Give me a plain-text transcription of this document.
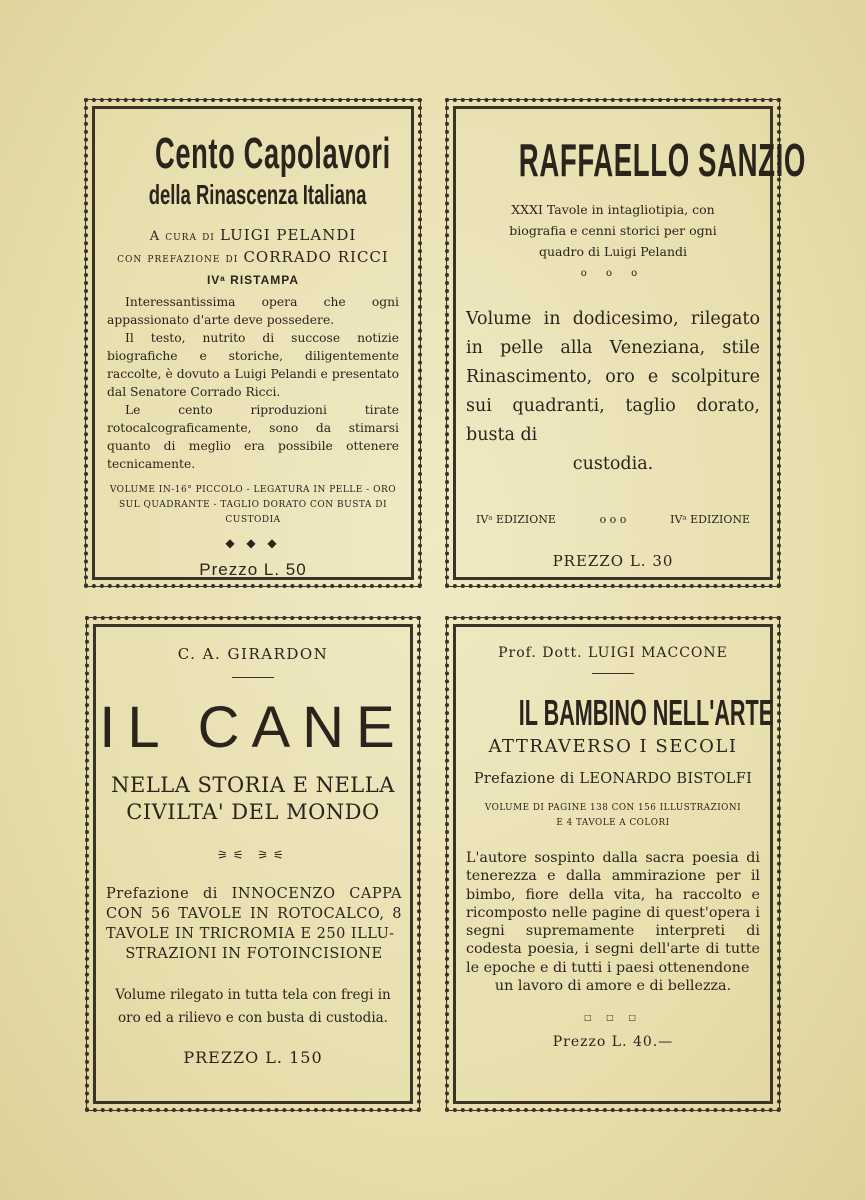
Cento Capolavori
della Rinascenza Italiana
A cura di LUIGI PELANDI
con prefazione di CORRADO RICCI
IVᵃ RISTAMPA

Interessantissima opera che ogni appassionato d'arte deve possedere.

Il testo, nutrito di succose notizie biografiche e storiche, diligentemente raccolte, è dovuto a Luigi Pelandi e presentato dal Senatore Corrado Ricci.

Le cento riproduzioni tirate rotocalcograficamente, sono da stimarsi quanto di meglio era possibile ottenere tecnicamente.

VOLUME IN-16° PICCOLO - LEGATURA IN PELLE - ORO SUL QUADRANTE - TAGLIO DORATO CON BUSTA DI CUSTODIA
◆ ◆ ◆
Prezzo L. 50
RAFFAELLO SANZIO
XXXI Tavole in intagliotipia, con biografia e cenni storici per ogni quadro di Luigi Pelandi
o o o
Volume in dodicesimo, rilegato in pelle alla Veneziana, stile Rinascimento, oro e scolpiture sui quadranti, taglio dorato, busta di
custodia.
IVᵃ EDIZIONE	o o o	IVᵃ EDIZIONE
PREZZO L. 30
C. A. GIRARDON
IL CANE
NELLA STORIA E NELLA
CIVILTA' DEL MONDO
⚞⚟ ⚞⚟
Prefazione di INNOCENZO CAPPA CON 56 TAVOLE IN ROTOCALCO, 8 TAVOLE IN TRICROMIA E 250 ILLU-
STRAZIONI IN FOTOINCISIONE
Volume rilegato in tutta tela con fregi in oro ed a rilievo e con busta di custodia.
PREZZO L. 150
Prof. Dott. LUIGI MACCONE
IL BAMBINO NELL'ARTE
ATTRAVERSO I SECOLI
Prefazione di LEONARDO BISTOLFI
VOLUME DI PAGINE 138 CON 156 ILLUSTRAZIONI
E 4 TAVOLE A COLORI
L'autore sospinto dalla sacra poesia di tenerezza e dalla ammirazione per il bimbo, fiore della vita, ha raccolto e ricomposto nelle pagine di quest'opera i segni supremamente interpreti di codesta poesia, i segni dell'arte di tutte le epoche e di tutti i paesi ottenendone
un lavoro di amore e di bellezza.
□ □ □
Prezzo L. 40.—
